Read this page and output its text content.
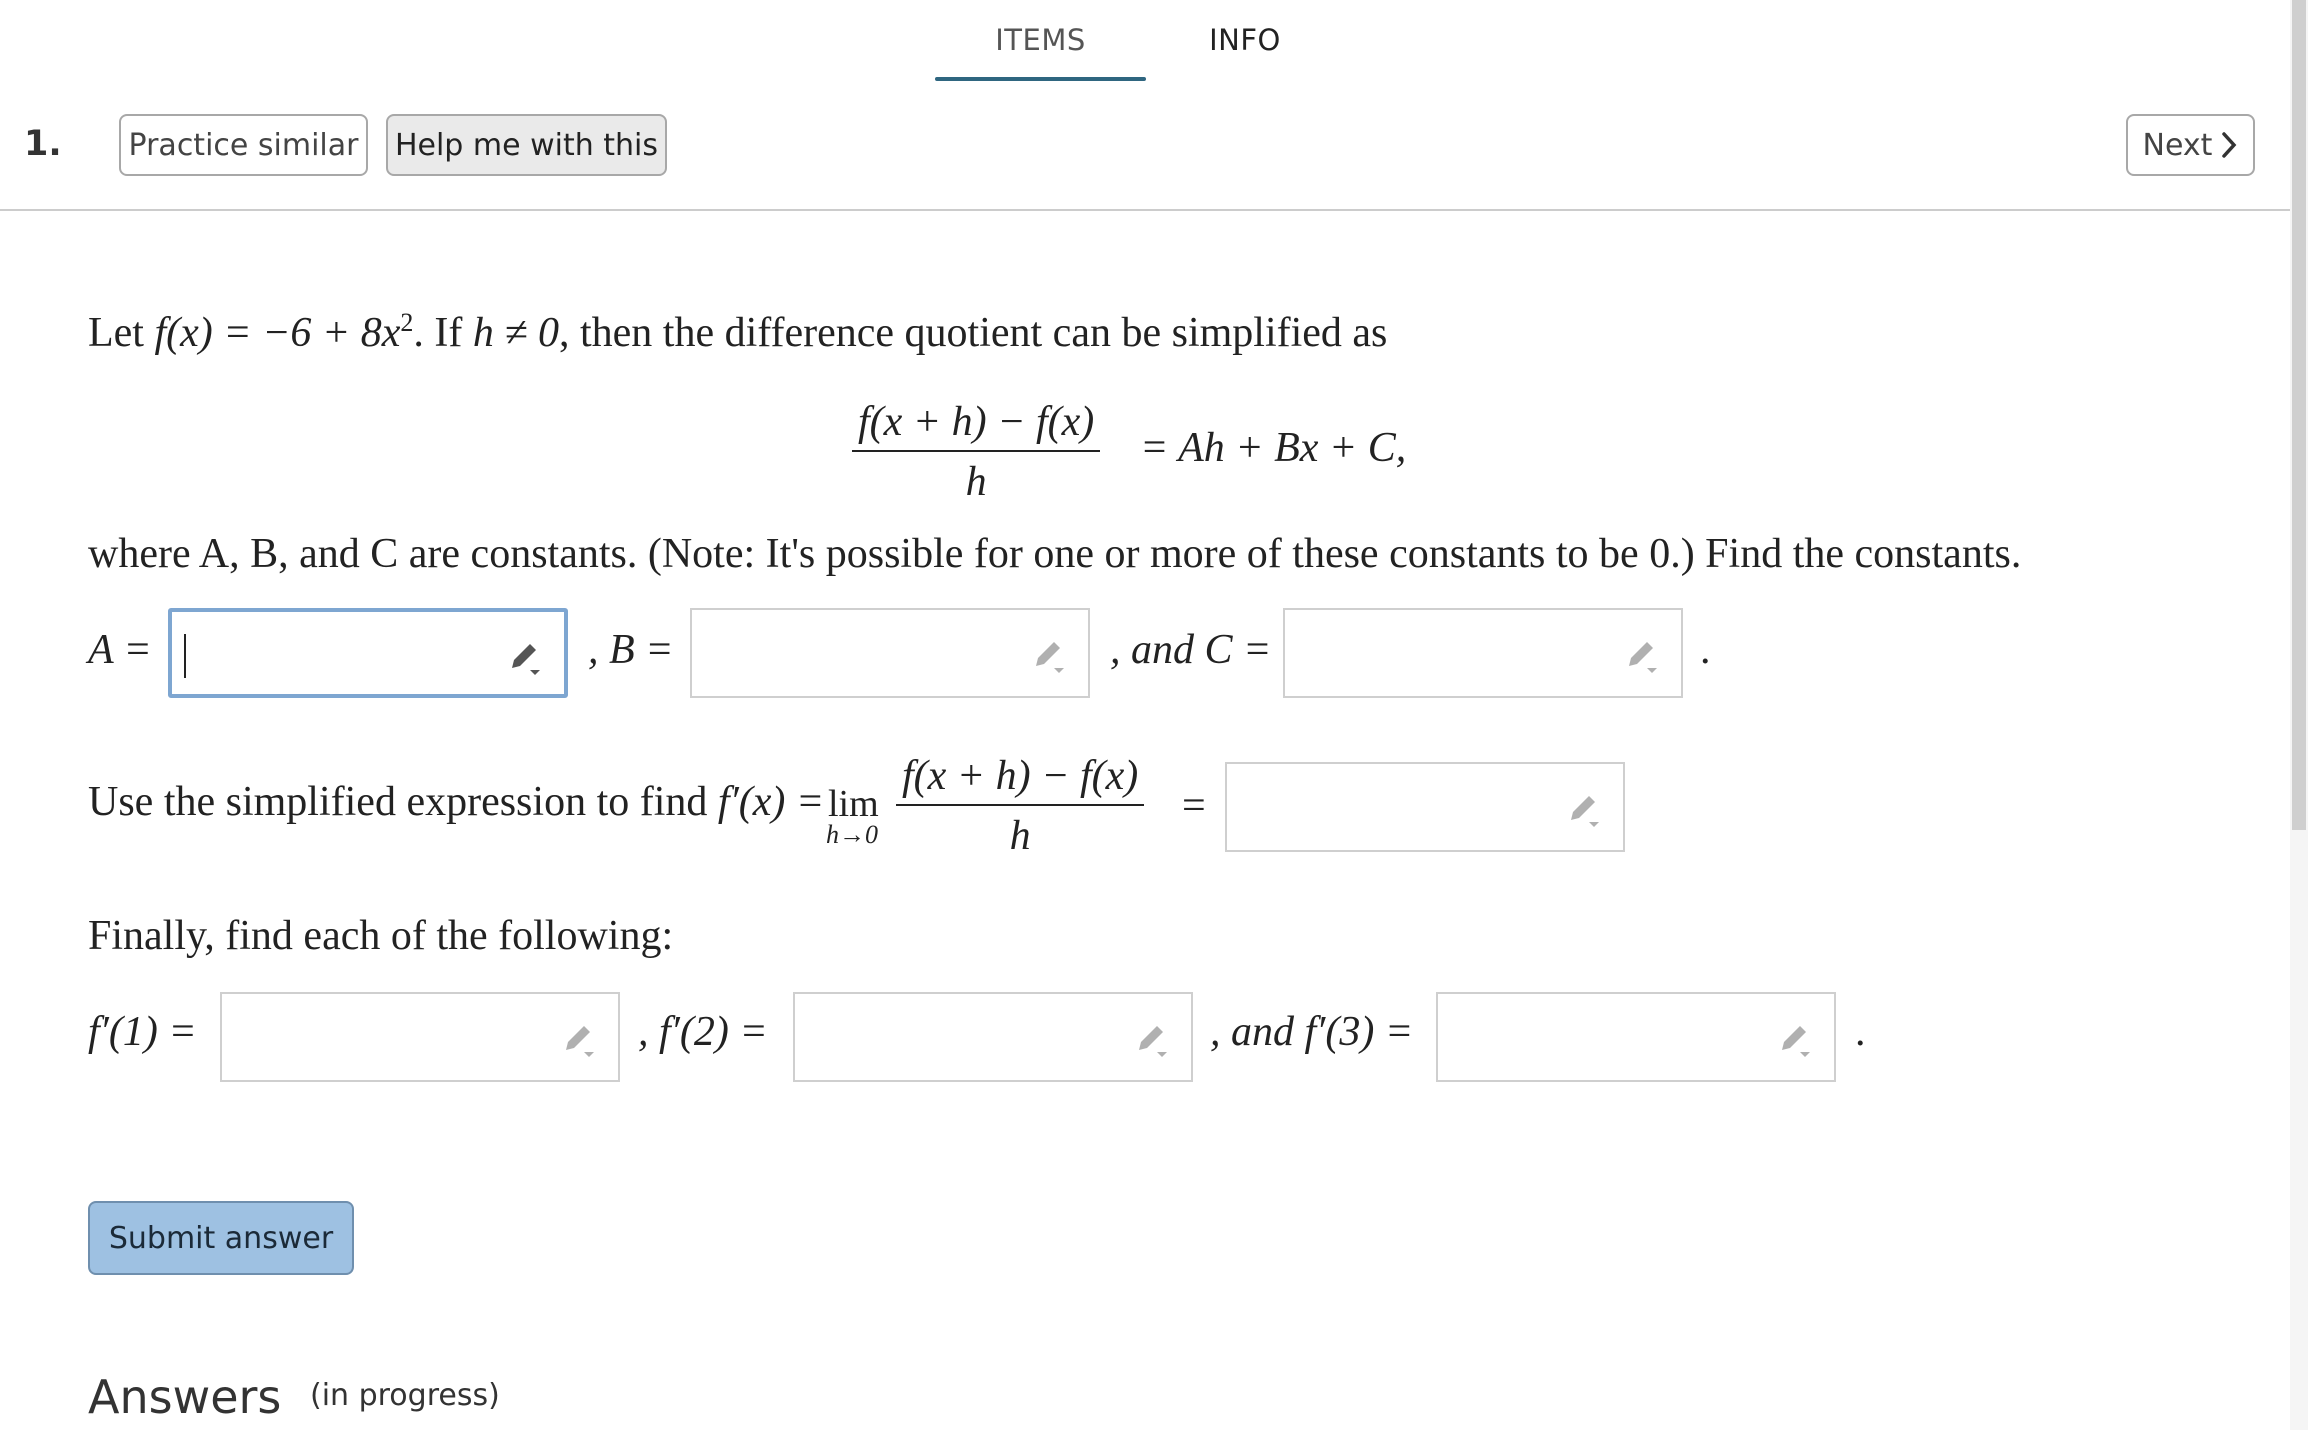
ITEMS	INFO
1.	Practice similar	Help me with this	Next
Let $f(x) = -6 + 8x^2$. If h ≠ 0, then the difference quotient can be simplified as
$\frac{f(x + h) - f(x)}{h} = Ah + Bx + C$,
where A, B, and C are constants. (Note: It's possible for one or more of these constants to be 0.) Find the constants.
A =	, B =	, and C =	.
Use the simplified expression to find f′(x) = lim
$h\to 0 \frac{f(x + h) - f(x)}{h}$ =
Finally, find each of the following:
f′(1) =	, f′(2) =	, and f′(3) =	.
Submit answer
Answers (in progress)
